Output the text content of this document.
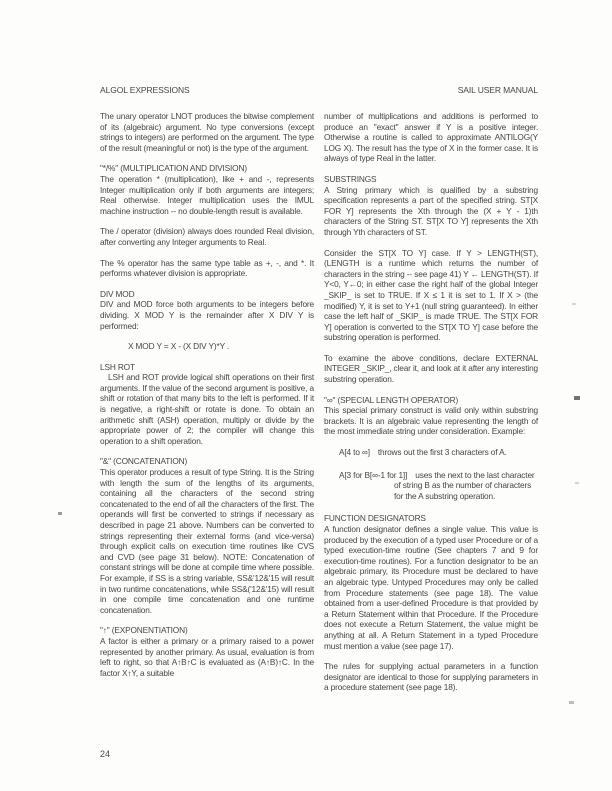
ALGOL EXPRESSIONS	SAIL USER MANUAL
The unary operator LNOT produces the bitwise complement of its (algebraic) argument. No type conversions (except strings to integers) are performed on the argument. The type of the result (meaningful or not) is the type of the argument.
"*/%" (MULTIPLICATION AND DIVISION)
The operation * (multiplication), like + and -, represents Integer multiplication only if both arguments are integers; Real otherwise. Integer multiplication uses the IMUL machine instruction -- no double-length result is available.
The / operator (division) always does rounded Real division, after converting any Integer arguments to Real.
The % operator has the same type table as +, -, and *. It performs whatever division is appropriate.
DIV MOD
DIV and MOD force both arguments to be integers before dividing. X MOD Y is the remainder after X DIV Y is performed:
X MOD Y = X - (X DIV Y)*Y .
LSH ROT
LSH and ROT provide logical shift operations on their first arguments. If the value of the second argument is positive, a shift or rotation of that many bits to the left is performed. If it is negative, a right-shift or rotate is done. To obtain an arithmetic shift (ASH) operation, multiply or divide by the appropriate power of 2; the compiler will change this operation to a shift operation.
"&" (CONCATENATION)
This operator produces a result of type String. It is the String with length the sum of the lengths of its arguments, containing all the characters of the second string concatenated to the end of all the characters of the first. The operands will first be converted to strings if necessary as described in page 21 above. Numbers can be converted to strings representing their external forms (and vice-versa) through explicit calls on execution time routines like CVS and CVD (see page 31 below). NOTE: Concatenation of constant strings will be done at compile time where possible. For example, if SS is a string variable, SS&'12&'15 will result in two runtime concatenations, while SS&('12&'15) will result in one compile time concatenation and one runtime concatenation.
"↑" (EXPONENTIATION)
A factor is either a primary or a primary raised to a power represented by another primary. As usual, evaluation is from left to right, so that A↑B↑C is evaluated as (A↑B)↑C. In the factor X↑Y, a suitable
number of multiplications and additions is performed to produce an "exact" answer if Y is a positive integer. Otherwise a routine is called to approximate ANTILOG(Y LOG X). The result has the type of X in the former case. It is always of type Real in the latter.
SUBSTRINGS
A String primary which is qualified by a substring specification represents a part of the specified string. ST[X FOR Y] represents the Xth through the (X + Y - 1)th characters of the String ST. ST[X TO Y] represents the Xth through Yth characters of ST.
Consider the ST[X TO Y] case. If Y > LENGTH(ST), (LENGTH is a runtime which returns the number of characters in the string -- see page 41) Y ← LENGTH(ST). If Y<0, Y←0; in either case the right half of the global Integer _SKIP_ is set to TRUE. If X ≤ 1 it is set to 1. If X > (the modified) Y, it is set to Y+1 (null string guaranteed). In either case the left half of _SKIP_ is made TRUE. The ST[X FOR Y] operation is converted to the ST[X TO Y] case before the substring operation is performed.
To examine the above conditions, declare EXTERNAL INTEGER _SKIP_, clear it, and look at it after any interesting substring operation.
"∞" (SPECIAL LENGTH OPERATOR)
This special primary construct is valid only within substring brackets. It is an algebraic value representing the length of the most immediate string under consideration. Example:
A[4 to ∞]  throws out the first 3 characters of A.
A[3 for B[∞-1 for 1]]  uses the next to the last character of string B as the number of characters for the A substring operation.
FUNCTION DESIGNATORS
A function designator defines a single value. This value is produced by the execution of a typed user Procedure or of a typed execution-time routine (See chapters 7 and 9 for execution-time routines). For a function designator to be an algebraic primary, its Procedure must be declared to have an algebraic type. Untyped Procedures may only be called from Procedure statements (see page 18). The value obtained from a user-defined Procedure is that provided by a Return Statement within that Procedure. If the Procedure does not execute a Return Statement, the value might be anything at all. A Return Statement in a typed Procedure must mention a value (see page 17).
The rules for supplying actual parameters in a function designator are identical to those for supplying parameters in a procedure statement (see page 18).
24
